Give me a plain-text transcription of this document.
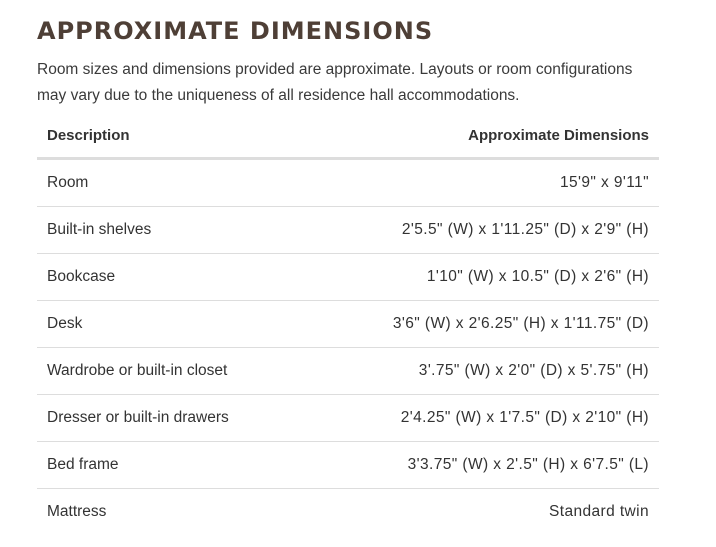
APPROXIMATE DIMENSIONS

Room sizes and dimensions provided are approximate. Layouts or room configurations may vary due to the uniqueness of all residence hall accommodations.

Description	Approximate Dimensions
Room	15'9" x 9'11"
Built-in shelves	2'5.5" (W) x 1'11.25" (D) x 2'9" (H)
Bookcase	1'10" (W) x 10.5" (D) x 2'6" (H)
Desk	3'6" (W) x 2'6.25" (H) x 1'11.75" (D)
Wardrobe or built-in closet	3'.75" (W) x 2'0" (D) x 5'.75" (H)
Dresser or built-in drawers	2'4.25" (W) x 1'7.5" (D) x 2'10" (H)
Bed frame	3'3.75" (W) x 2'.5" (H) x 6'7.5" (L)
Mattress	Standard twin
